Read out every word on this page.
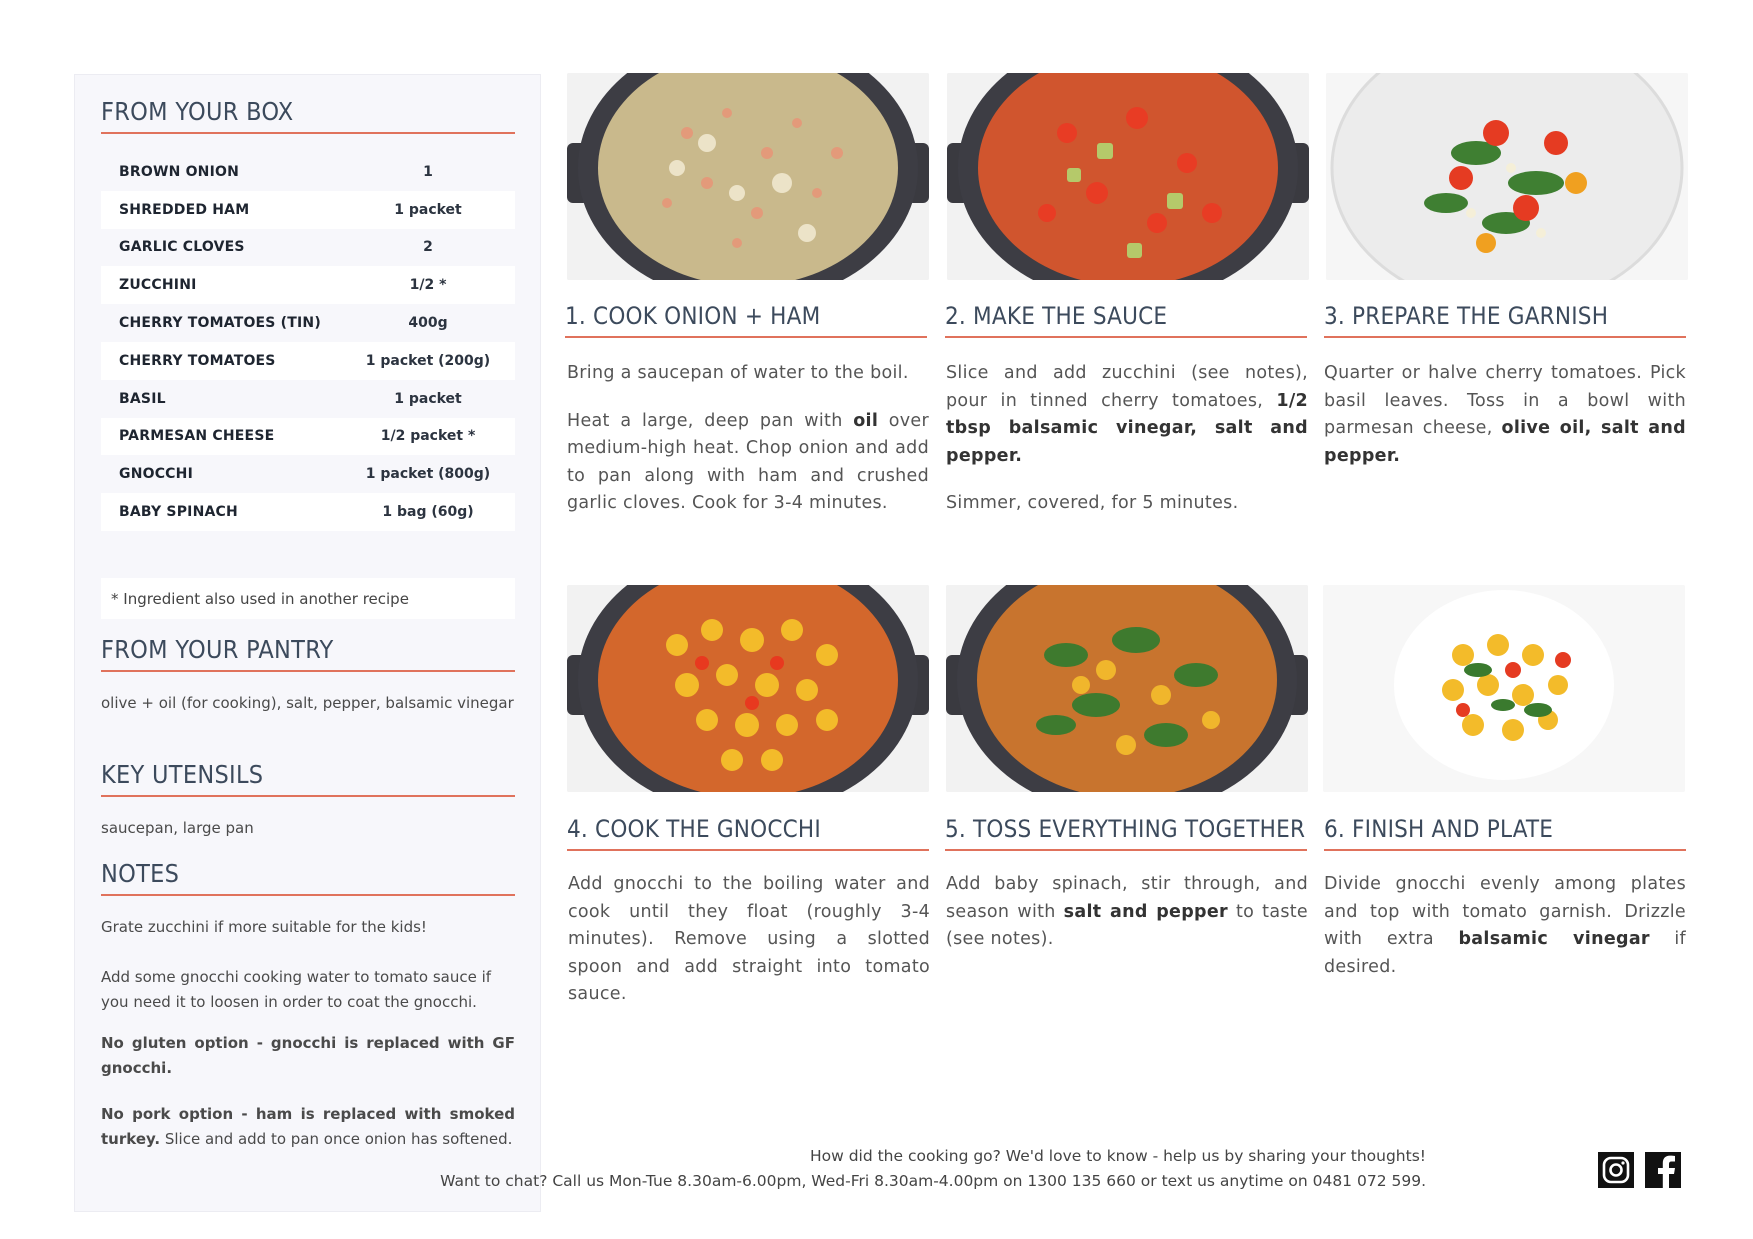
FROM YOUR BOX
BROWN ONION	1
SHREDDED HAM	1 packet
GARLIC CLOVES	2
ZUCCHINI	1/2 *
CHERRY TOMATOES (TIN)	400g
CHERRY TOMATOES	1 packet (200g)
BASIL	1 packet
PARMESAN CHEESE	1/2 packet *
GNOCCHI	1 packet (800g)
BABY SPINACH	1 bag (60g)
* Ingredient also used in another recipe
FROM YOUR PANTRY
olive + oil (for cooking), salt, pepper, balsamic vinegar
KEY UTENSILS
saucepan, large pan
NOTES
Grate zucchini if more suitable for the kids!
Add some gnocchi cooking water to tomato sauce if you need it to loosen in order to coat the gnocchi.
No gluten option - gnocchi is replaced with GF gnocchi.
No pork option - ham is replaced with smoked turkey. Slice and add to pan once onion has softened.
1. COOK ONION + HAM	2. MAKE THE SAUCE	3. PREPARE THE GARNISH
4. COOK THE GNOCCHI	5. TOSS EVERYTHING TOGETHER 6. FINISH AND PLATE

Bring a saucepan of water to the boil.

Heat a large, deep pan with oil over medium-high heat. Chop onion and add to pan along with ham and crushed garlic cloves. Cook for 3-4 minutes.

Slice and add zucchini (see notes), pour in tinned cherry tomatoes, 1/2 tbsp balsamic vinegar, salt and pepper.

Simmer, covered, for 5 minutes.

Quarter or halve cherry tomatoes. Pick basil leaves. Toss in a bowl with parmesan cheese, olive oil, salt and pepper.

Add gnocchi to the boiling water and cook until they float (roughly 3-4 minutes). Remove using a slotted spoon and add straight into tomato sauce.

Add baby spinach, stir through, and season with salt and pepper to taste (see notes).

Divide gnocchi evenly among plates and top with tomato garnish. Drizzle with extra balsamic vinegar if desired.

How did the cooking go? We'd love to know - help us by sharing your thoughts!
Want to chat? Call us Mon-Tue 8.30am-6.00pm, Wed-Fri 8.30am-4.00pm on 1300 135 660 or text us anytime on 0481 072 599.
